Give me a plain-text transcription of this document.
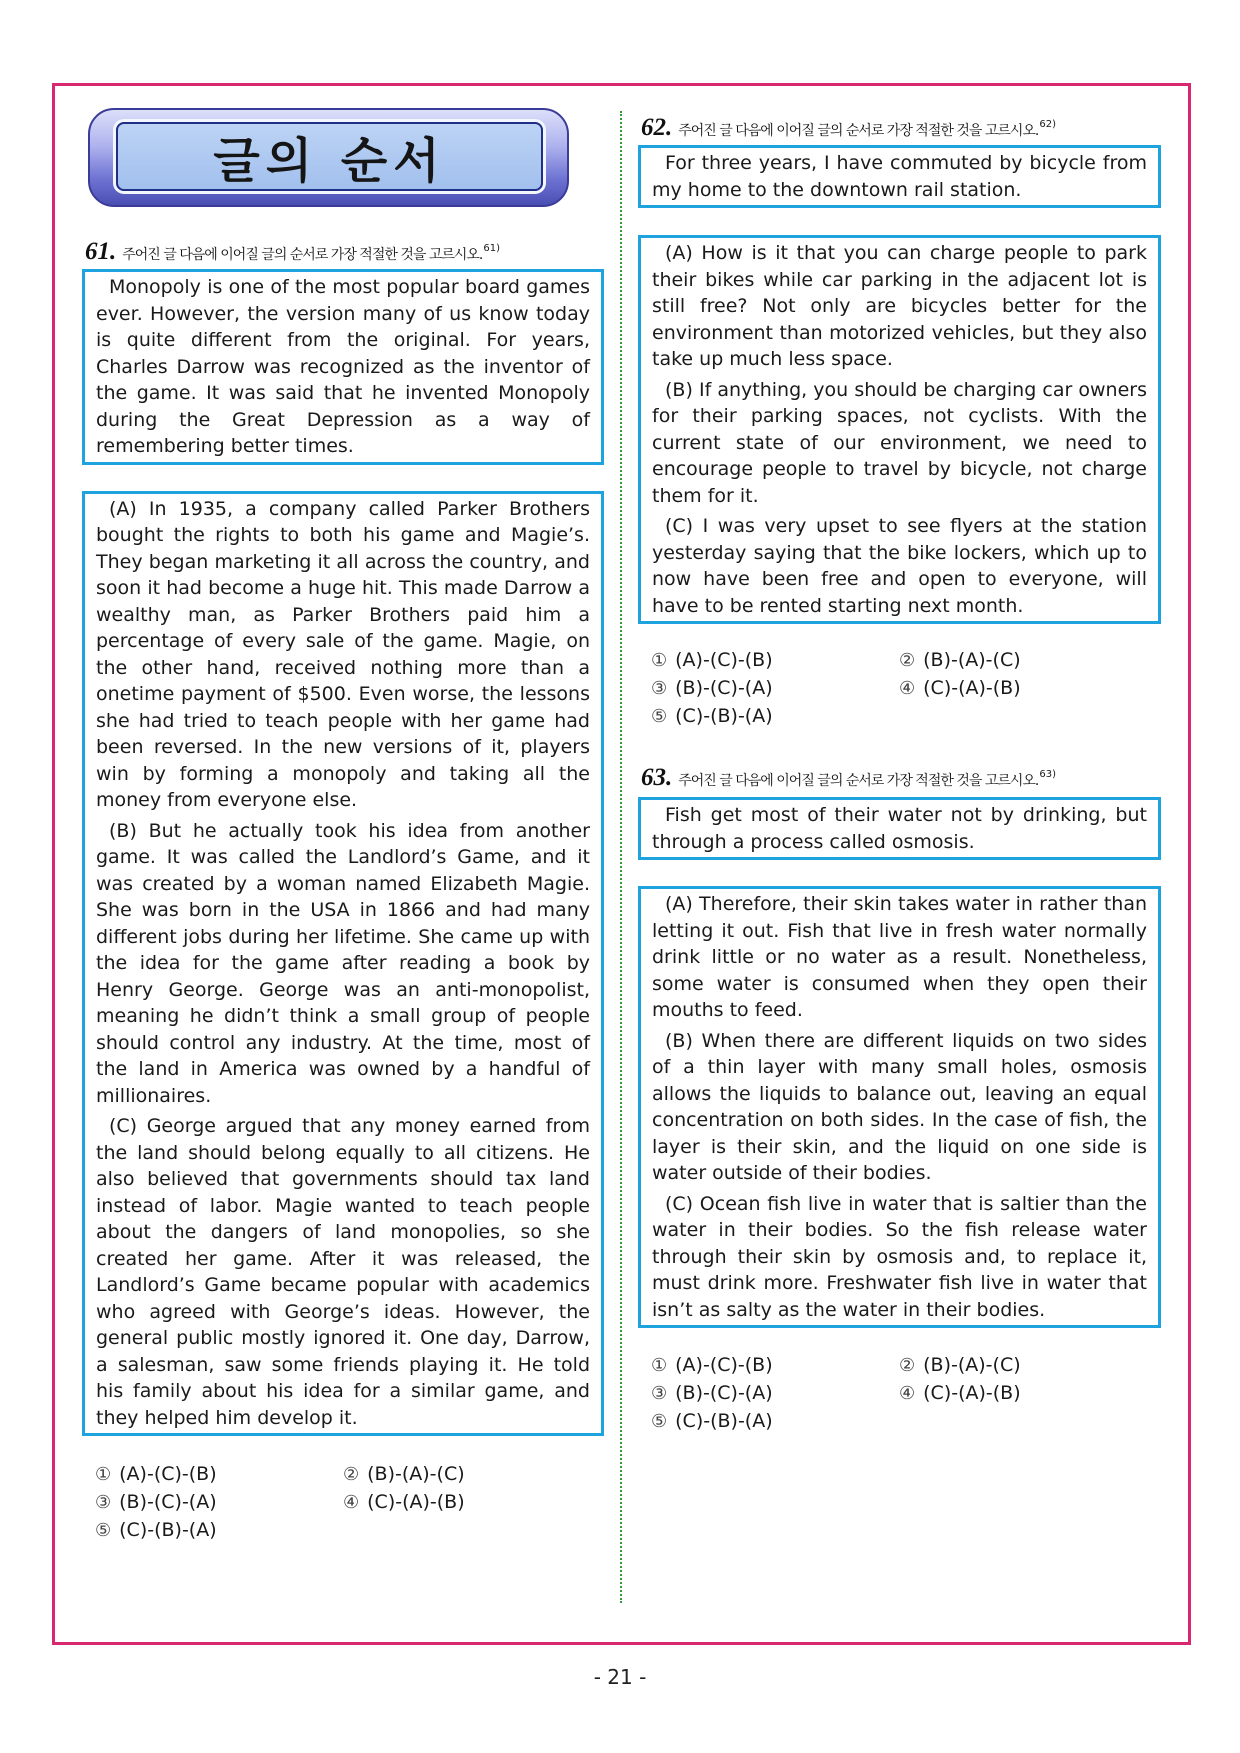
글의 순서
61. 주어진 글 다음에 이어질 글의 순서로 가장 적절한 것을 고르시오. 61)

Monopoly is one of the most popular board games ever. However, the version many of us know today is quite different from the original. For years, Charles Darrow was recognized as the inventor of the game. It was said that he invented Monopoly during the Great Depression as a way of remembering better times.

(A) In 1935, a company called Parker Brothers bought the rights to both his game and Magie’s. They began marketing it all across the country, and soon it had become a huge hit. This made Darrow a wealthy man, as Parker Brothers paid him a percentage of every sale of the game. Magie, on the other hand, received nothing more than a onetime payment of $500. Even worse, the lessons she had tried to teach people with her game had been reversed. In the new versions of it, players win by forming a monopoly and taking all the money from everyone else.

(B) But he actually took his idea from another game. It was called the Landlord’s Game, and it was created by a woman named Elizabeth Magie. She was born in the USA in 1866 and had many different jobs during her lifetime. She came up with the idea for the game after reading a book by Henry George. George was an anti-monopolist, meaning he didn’t think a small group of people should control any industry. At the time, most of the land in America was owned by a handful of millionaires.

(C) George argued that any money earned from the land should belong equally to all citizens. He also believed that governments should tax land instead of labor. Magie wanted to teach people about the dangers of land monopolies, so she created her game. After it was released, the Landlord’s Game became popular with academics who agreed with George’s ideas. However, the general public mostly ignored it. One day, Darrow, a salesman, saw some friends playing it. He told his family about his idea for a similar game, and they helped him develop it.

① (A)-(C)-(B)	② (B)-(A)-(C)
③ (B)-(C)-(A)	④ (C)-(A)-(B)
⑤ (C)-(B)-(A)
62. 주어진 글 다음에 이어질 글의 순서로 가장 적절한 것을 고르시오. 62)

For three years, I have commuted by bicycle from my home to the downtown rail station.

(A) How is it that you can charge people to park their bikes while car parking in the adjacent lot is still free? Not only are bicycles better for the environment than motorized vehicles, but they also take up much less space.

(B) If anything, you should be charging car owners for their parking spaces, not cyclists. With the current state of our environment, we need to encourage people to travel by bicycle, not charge them for it.

(C) I was very upset to see flyers at the station yesterday saying that the bike lockers, which up to now have been free and open to everyone, will have to be rented starting next month.

① (A)-(C)-(B)	② (B)-(A)-(C)
③ (B)-(C)-(A)	④ (C)-(A)-(B)
⑤ (C)-(B)-(A)
63. 주어진 글 다음에 이어질 글의 순서로 가장 적절한 것을 고르시오. 63)

Fish get most of their water not by drinking, but through a process called osmosis.

(A) Therefore, their skin takes water in rather than letting it out. Fish that live in fresh water normally drink little or no water as a result. Nonetheless, some water is consumed when they open their mouths to feed.

(B) When there are different liquids on two sides of a thin layer with many small holes, osmosis allows the liquids to balance out, leaving an equal concentration on both sides. In the case of fish, the layer is their skin, and the liquid on one side is water outside of their bodies.

(C) Ocean fish live in water that is saltier than the water in their bodies. So the fish release water through their skin by osmosis and, to replace it, must drink more. Freshwater fish live in water that isn’t as salty as the water in their bodies.

① (A)-(C)-(B)	② (B)-(A)-(C)
③ (B)-(C)-(A)	④ (C)-(A)-(B)
⑤ (C)-(B)-(A)
- 21 -
